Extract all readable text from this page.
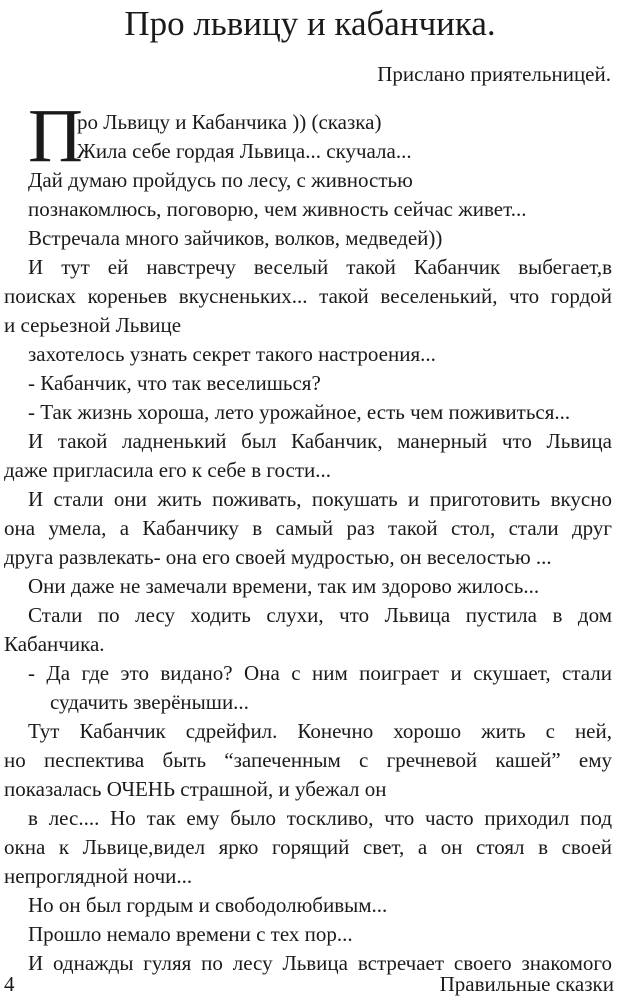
Про львицу и кабанчика.
Прислано приятельницей.
П
ро Львицу и Кабанчика )) (сказка)
Жила себе гордая Львица... скучала...
Дай думаю пройдусь по лесу, с живностью
познакомлюсь, поговорю, чем живность сейчас живет...
Встречала много зайчиков, волков, медведей))
И тут ей навстречу веселый такой Кабанчик выбегает,в
поисках кореньев вкусненьких... такой веселенький, что гордой
и серьезной Львице
захотелось узнать секрет такого настроения...
- Кабанчик, что так веселишься?
- Так жизнь хороша, лето урожайное, есть чем поживиться...
И такой ладненький был Кабанчик, манерный что Львица
даже пригласила его к себе в гости...
И стали они жить поживать, покушать и приготовить вкусно
она умела, а Кабанчику в самый раз такой стол, стали друг
друга развлекать- она его своей мудростью, он веселостью ...
Они даже не замечали времени, так им здорово жилось...
Стали по лесу ходить слухи, что Львица пустила в дом
Кабанчика.
- Да где это видано? Она с ним поиграет и скушает, стали
судачить зверёныши...
Тут Кабанчик сдрейфил. Конечно хорошо жить с ней,
но песпектива быть “запеченным с гречневой кашей” ему
показалась ОЧЕНЬ страшной, и убежал он
в лес.... Но так ему было тоскливо, что часто приходил под
окна к Львице,видел ярко горящий свет, а он стоял в своей
непроглядной ночи...
Но он был гордым и свободолюбивым...
Прошло немало времени с тех пор...
И однажды гуляя по лесу Львица встречает своего знакомого
4	Правильные сказки
